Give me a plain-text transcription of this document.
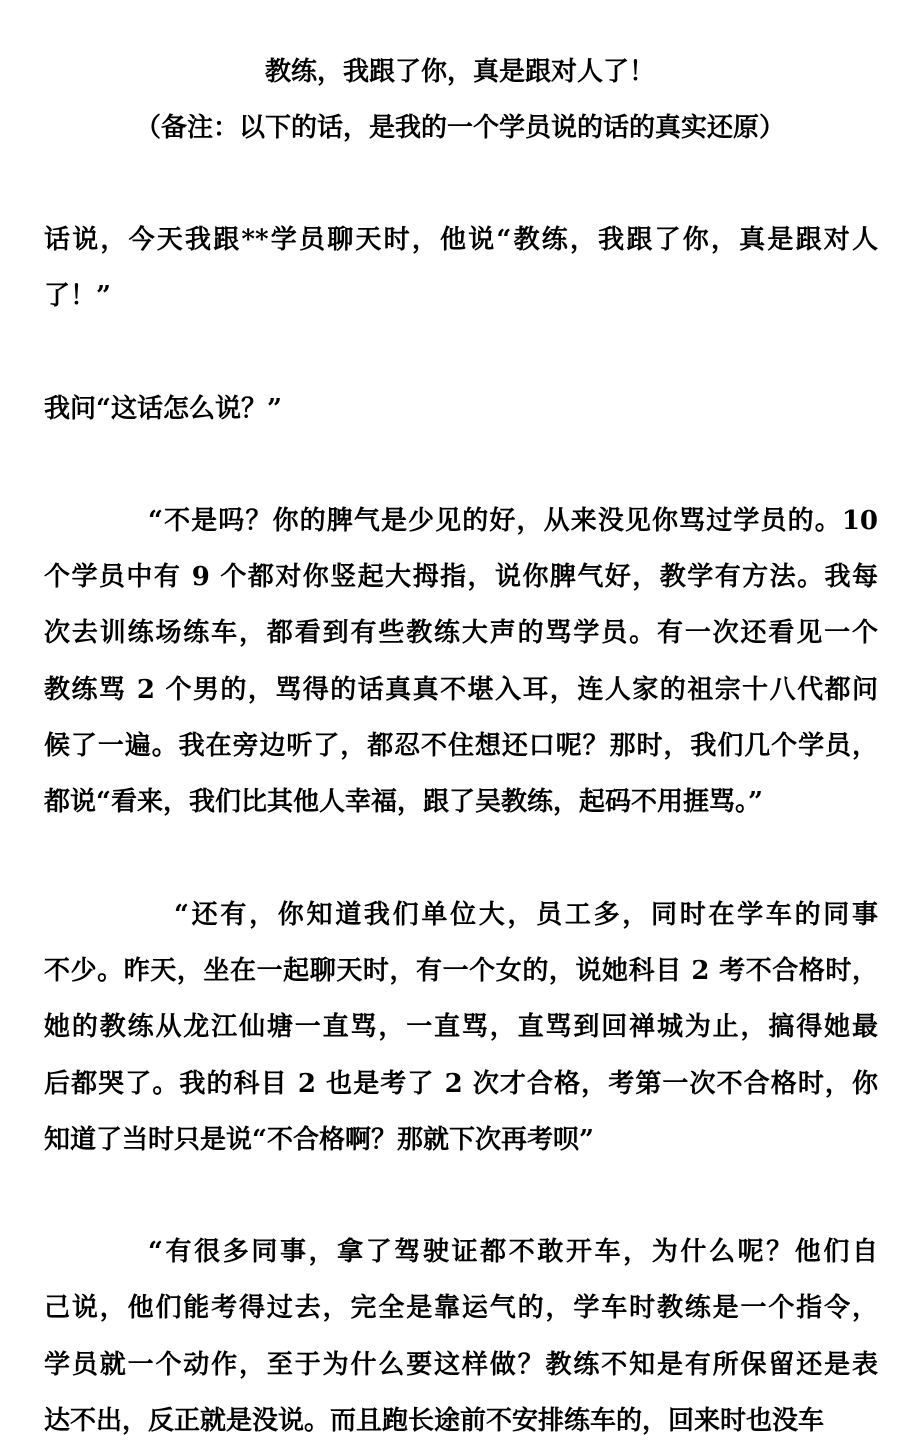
教练，我跟了你，真是跟对人了！
（备注：以下的话，是我的一个学员说的话的真实还原）
话说，今天我跟**学员聊天时，他说“教练，我跟了你，真是跟对人
了！”
我问“这话怎么说？”
“不是吗？你的脾气是少见的好，从来没见你骂过学员的。10
个学员中有 9 个都对你竖起大拇指，说你脾气好，教学有方法。我每
次去训练场练车，都看到有些教练大声的骂学员。有一次还看见一个
教练骂 2 个男的，骂得的话真真不堪入耳，连人家的祖宗十八代都问
候了一遍。我在旁边听了，都忍不住想还口呢？那时，我们几个学员，
都说“看来，我们比其他人幸福，跟了吴教练，起码不用捱骂。”
“还有，你知道我们单位大，员工多，同时在学车的同事
不少。昨天，坐在一起聊天时，有一个女的，说她科目 2 考不合格时，
她的教练从龙江仙塘一直骂，一直骂，直骂到回禅城为止，搞得她最
后都哭了。我的科目 2 也是考了 2 次才合格，考第一次不合格时，你
知道了当时只是说“不合格啊？那就下次再考呗”
“有很多同事，拿了驾驶证都不敢开车，为什么呢？他们自
己说，他们能考得过去，完全是靠运气的，学车时教练是一个指令，
学员就一个动作，至于为什么要这样做？教练不知是有所保留还是表
达不出，反正就是没说。而且跑长途前不安排练车的，回来时也没车
